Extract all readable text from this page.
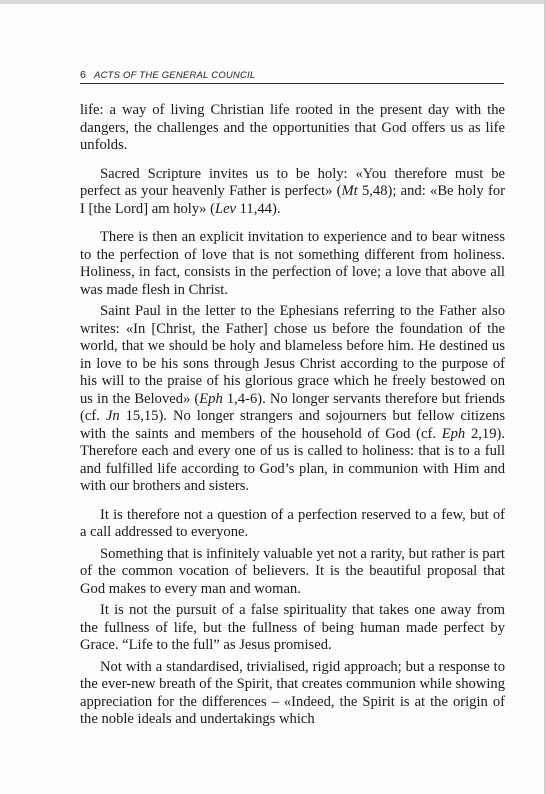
6 ACTS OF THE GENERAL COUNCIL

life: a way of living Christian life rooted in the present day with the dangers, the challenges and the opportunities that God offers us as life unfolds.

Sacred Scripture invites us to be holy: «You therefore must be perfect as your heavenly Father is perfect» (Mt 5,48); and: «Be holy for I [the Lord] am holy» (Lev 11,44).

There is then an explicit invitation to experience and to bear witness to the perfection of love that is not something different from holiness. Holiness, in fact, consists in the perfection of love; a love that above all was made flesh in Christ.

Saint Paul in the letter to the Ephesians referring to the Father also writes: «In [Christ, the Father] chose us before the foundation of the world, that we should be holy and blameless before him. He destined us in love to be his sons through Jesus Christ according to the purpose of his will to the praise of his glorious grace which he freely bestowed on us in the Beloved» (Eph 1,4-6). No longer servants therefore but friends (cf. Jn 15,15). No longer strangers and sojourners but fellow citizens with the saints and members of the household of God (cf. Eph 2,19). Therefore each and every one of us is called to holiness: that is to a full and fulfilled life according to God’s plan, in communion with Him and with our brothers and sisters.

It is therefore not a question of a perfection reserved to a few, but of a call addressed to everyone.

Something that is infinitely valuable yet not a rarity, but rather is part of the common vocation of believers. It is the beautiful proposal that God makes to every man and woman.

It is not the pursuit of a false spirituality that takes one away from the fullness of life, but the fullness of being human made perfect by Grace. “Life to the full” as Jesus promised.

Not with a standardised, trivialised, rigid approach; but a response to the ever-new breath of the Spirit, that creates communion while showing appreciation for the differences – «Indeed, the Spirit is at the origin of the noble ideals and undertakings which
